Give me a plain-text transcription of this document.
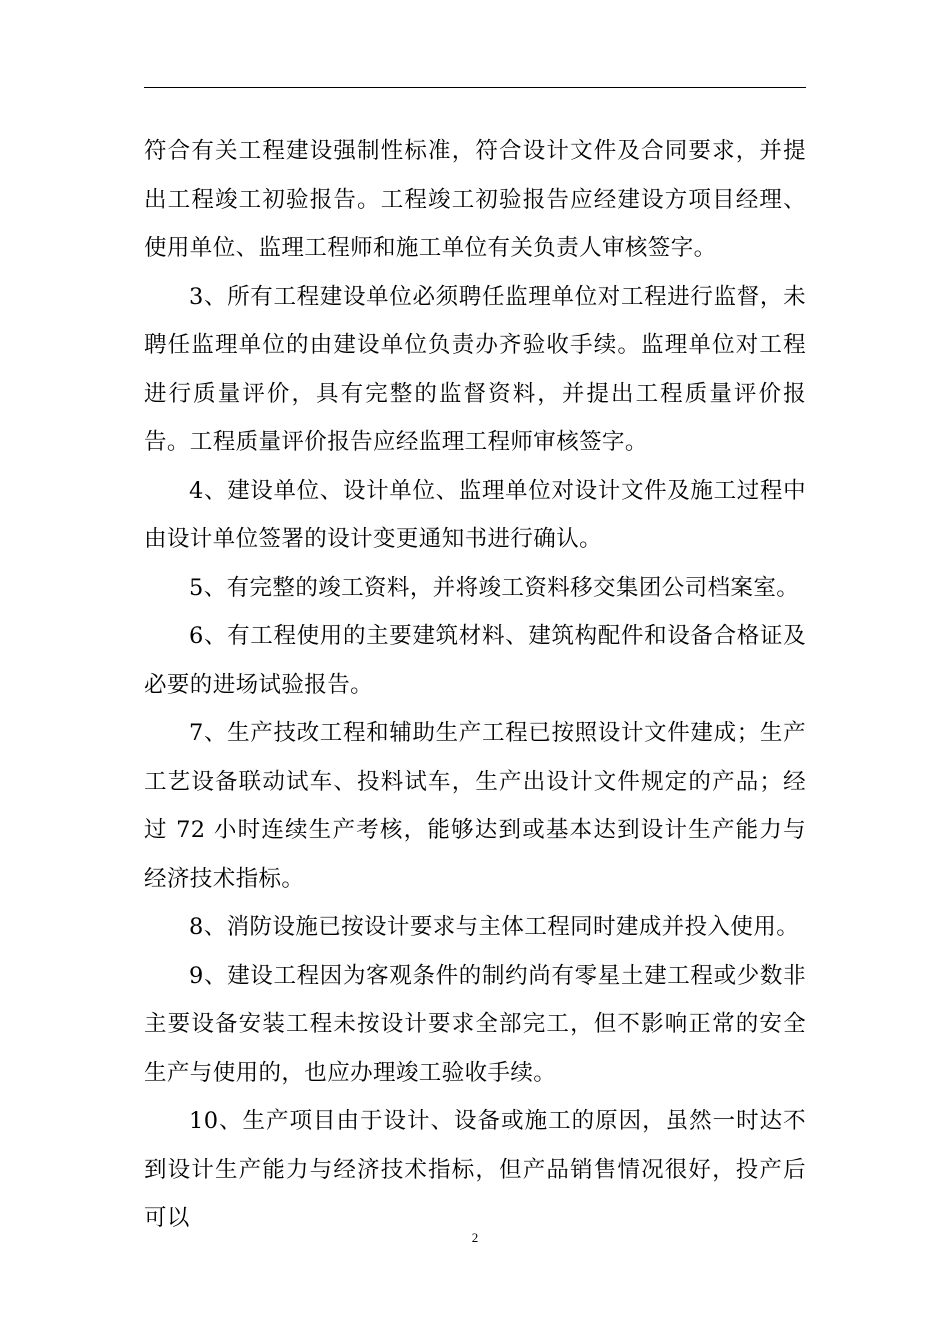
符合有关工程建设强制性标准，符合设计文件及合同要求，并提出工程竣工初验报告。工程竣工初验报告应经建设方项目经理、使用单位、监理工程师和施工单位有关负责人审核签字。

3、所有工程建设单位必须聘任监理单位对工程进行监督，未聘任监理单位的由建设单位负责办齐验收手续。监理单位对工程进行质量评价，具有完整的监督资料，并提出工程质量评价报告。工程质量评价报告应经监理工程师审核签字。

4、建设单位、设计单位、监理单位对设计文件及施工过程中由设计单位签署的设计变更通知书进行确认。

5、有完整的竣工资料，并将竣工资料移交集团公司档案室。

6、有工程使用的主要建筑材料、建筑构配件和设备合格证及必要的进场试验报告。

7、生产技改工程和辅助生产工程已按照设计文件建成；生产工艺设备联动试车、投料试车，生产出设计文件规定的产品；经过 72 小时连续生产考核，能够达到或基本达到设计生产能力与经济技术指标。

8、消防设施已按设计要求与主体工程同时建成并投入使用。

9、建设工程因为客观条件的制约尚有零星土建工程或少数非主要设备安装工程未按设计要求全部完工，但不影响正常的安全生产与使用的，也应办理竣工验收手续。

10、生产项目由于设计、设备或施工的原因，虽然一时达不到设计生产能力与经济技术指标，但产品销售情况很好，投产后可以

2
